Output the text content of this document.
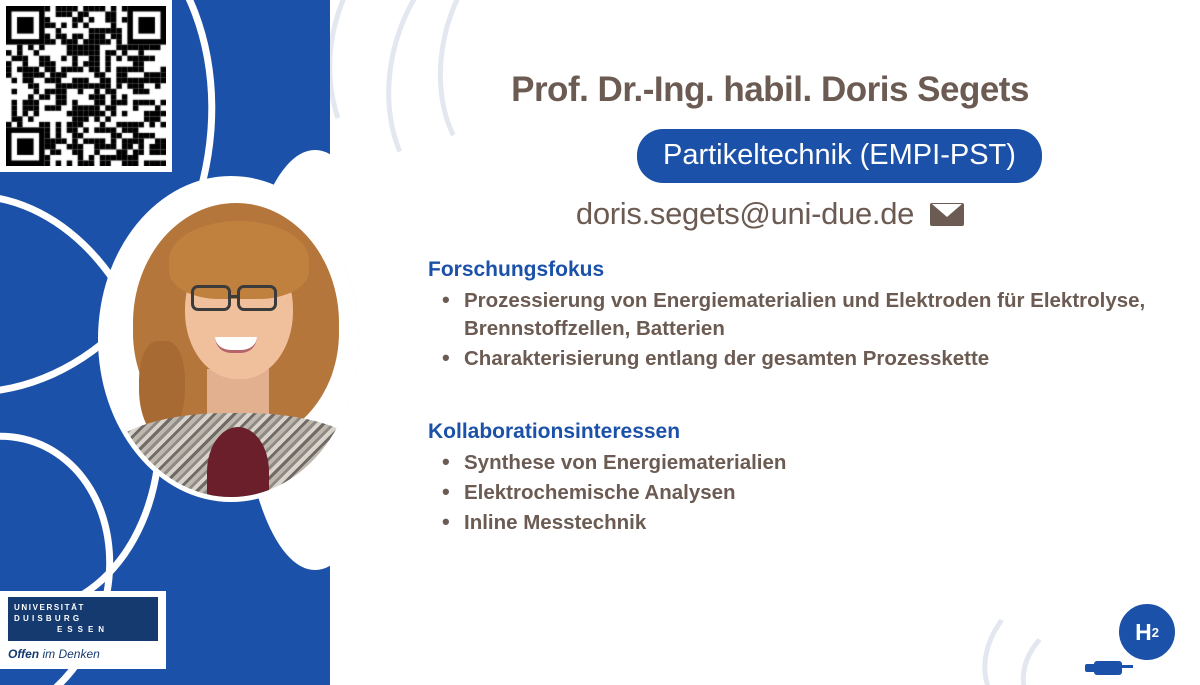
UNIVERSITÄT
DUISBURG
ESSEN
Offen im Denken
Prof. Dr.-Ing. habil. Doris Segets
Partikeltechnik (EMPI-PST)
doris.segets@uni-due.de
Forschungsfokus
• Prozessierung von Energiematerialien und Elektroden für Elektrolyse, Brennstoffzellen, Batterien
• Charakterisierung entlang der gesamten Prozesskette
Kollaborationsinteressen
• Synthese von Energiematerialien
• Elektrochemische Analysen
• Inline Messtechnik
H 2
